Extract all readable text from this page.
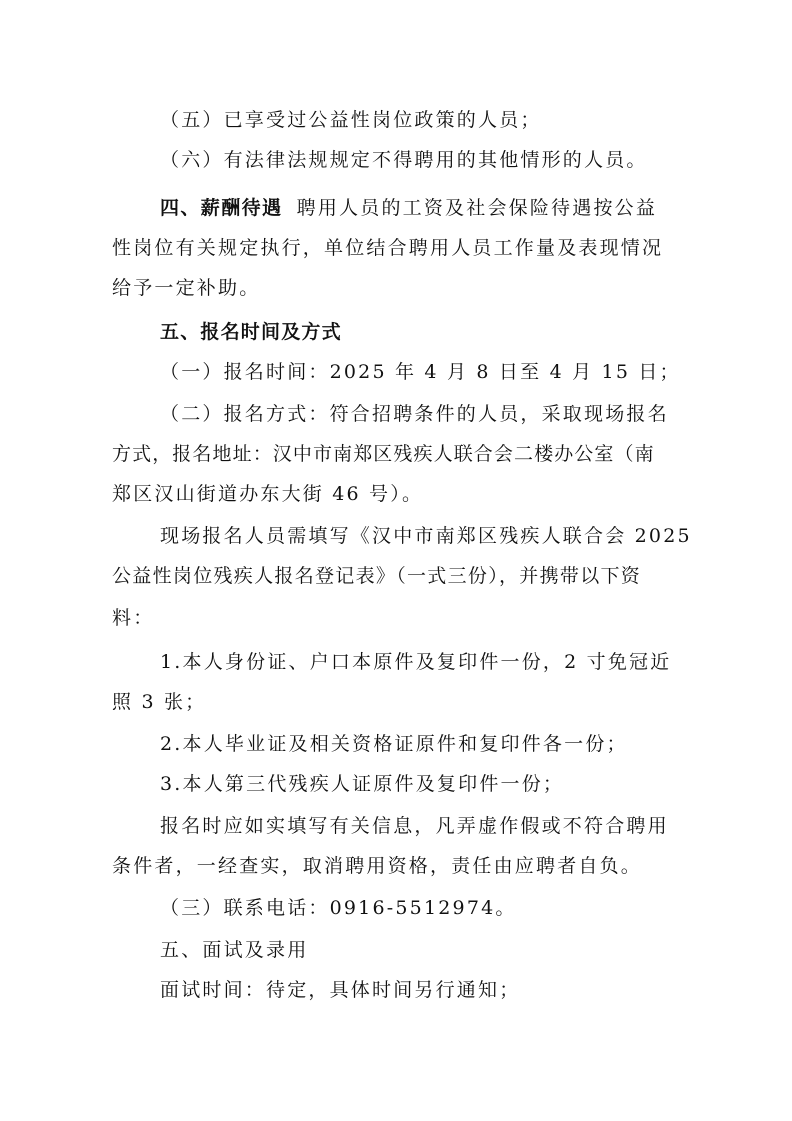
（五）已享受过公益性岗位政策的人员；
（六）有法律法规规定不得聘用的其他情形的人员。
四、薪酬待遇 聘用人员的工资及社会保险待遇按公益
性岗位有关规定执行，单位结合聘用人员工作量及表现情况
给予一定补助。
五、报名时间及方式
（一）报名时间：2025 年 4 月 8 日至 4 月 15 日；
（二）报名方式：符合招聘条件的人员，采取现场报名
方式，报名地址：汉中市南郑区残疾人联合会二楼办公室（南
郑区汉山街道办东大街 46 号）。
现场报名人员需填写《汉中市南郑区残疾人联合会 2025
公益性岗位残疾人报名登记表》（一式三份），并携带以下资
料：
1.本人身份证、户口本原件及复印件一份，2 寸免冠近
照 3 张；
2.本人毕业证及相关资格证原件和复印件各一份；
3.本人第三代残疾人证原件及复印件一份；
报名时应如实填写有关信息，凡弄虚作假或不符合聘用
条件者，一经查实，取消聘用资格，责任由应聘者自负。
（三）联系电话：0916-5512974。
五、面试及录用
面试时间：待定，具体时间另行通知；
